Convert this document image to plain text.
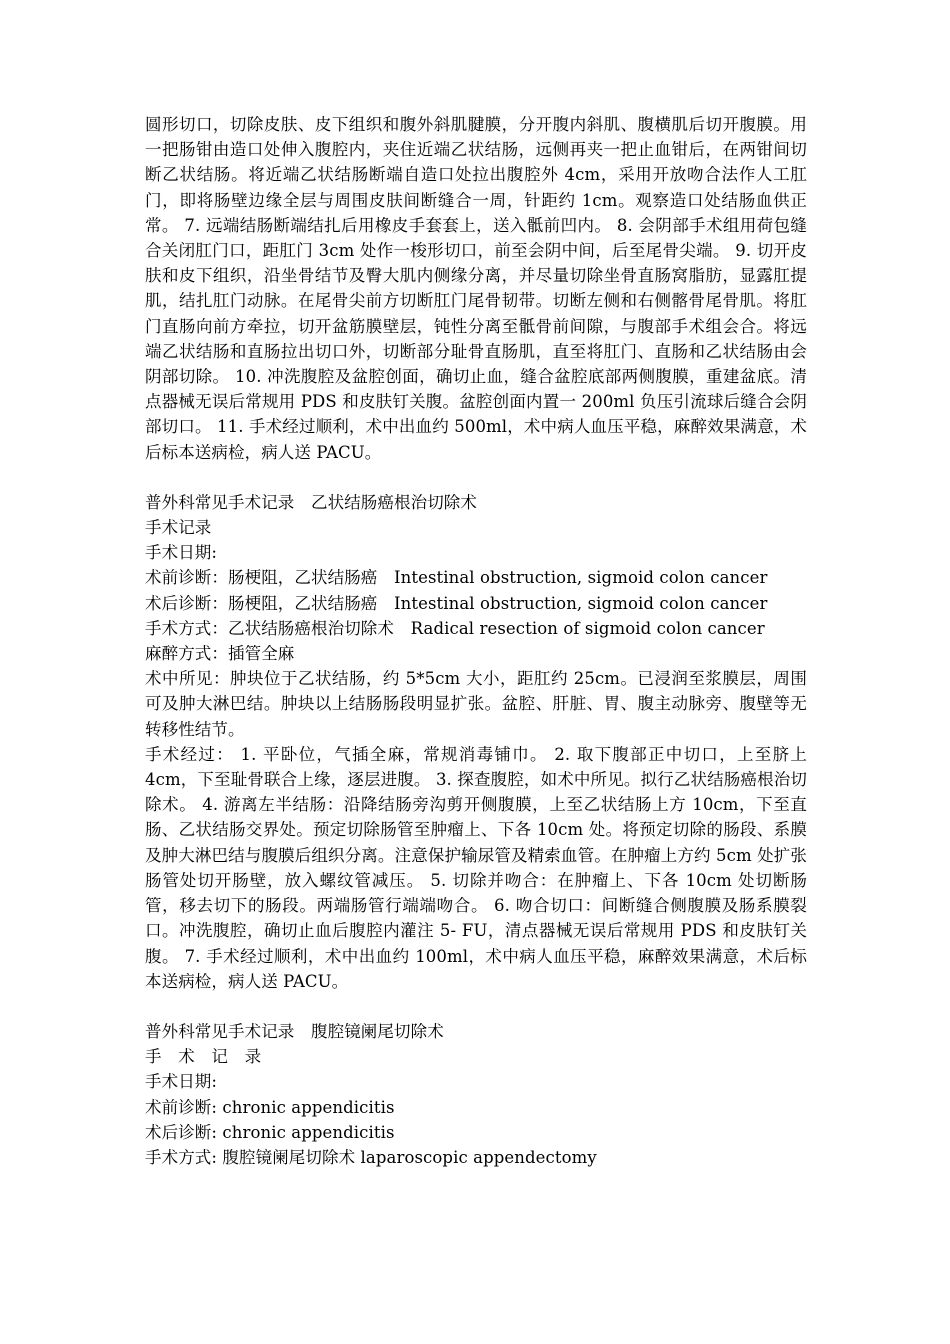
圆形切口，切除皮肤、皮下组织和腹外斜肌腱膜，分开腹内斜肌、腹横肌后切开腹膜。用一把肠钳由造口处伸入腹腔内，夹住近端乙状结肠，远侧再夹一把止血钳后，在两钳间切断乙状结肠。将近端乙状结肠断端自造口处拉出腹腔外 4cm，采用开放吻合法作人工肛门，即将肠壁边缘全层与周围皮肤间断缝合一周，针距约 1cm。观察造口处结肠血供正常。 7. 远端结肠断端结扎后用橡皮手套套上，送入骶前凹内。 8. 会阴部手术组用荷包缝合关闭肛门口，距肛门 3cm 处作一梭形切口，前至会阴中间，后至尾骨尖端。 9. 切开皮肤和皮下组织，沿坐骨结节及臀大肌内侧缘分离，并尽量切除坐骨直肠窝脂肪，显露肛提肌，结扎肛门动脉。在尾骨尖前方切断肛门尾骨韧带。切断左侧和右侧髂骨尾骨肌。将肛门直肠向前方牵拉，切开盆筋膜壁层，钝性分离至骶骨前间隙，与腹部手术组会合。将远端乙状结肠和直肠拉出切口外，切断部分耻骨直肠肌，直至将肛门、直肠和乙状结肠由会阴部切除。 10. 冲洗腹腔及盆腔创面，确切止血，缝合盆腔底部两侧腹膜，重建盆底。清点器械无误后常规用 PDS 和皮肤钉关腹。盆腔创面内置一 200ml 负压引流球后缝合会阴部切口。 11. 手术经过顺利，术中出血约 500ml，术中病人血压平稳，麻醉效果满意，术后标本送病检，病人送 PACU。

普外科常见手术记录　乙状结肠癌根治切除术

手术记录

手术日期:

术前诊断：肠梗阻，乙状结肠癌　Intestinal obstruction, sigmoid colon cancer

术后诊断：肠梗阻，乙状结肠癌　Intestinal obstruction, sigmoid colon cancer

手术方式：乙状结肠癌根治切除术　Radical resection of sigmoid colon cancer

麻醉方式：插管全麻

术中所见：肿块位于乙状结肠，约 5*5cm 大小，距肛约 25cm。已浸润至浆膜层，周围可及肿大淋巴结。肿块以上结肠肠段明显扩张。盆腔、肝脏、胃、腹主动脉旁、腹壁等无转移性结节。

手术经过： 1. 平卧位，气插全麻，常规消毒铺巾。 2. 取下腹部正中切口，上至脐上 4cm，下至耻骨联合上缘，逐层进腹。 3. 探查腹腔，如术中所见。拟行乙状结肠癌根治切除术。 4. 游离左半结肠：沿降结肠旁沟剪开侧腹膜，上至乙状结肠上方 10cm，下至直肠、乙状结肠交界处。预定切除肠管至肿瘤上、下各 10cm 处。将预定切除的肠段、系膜及肿大淋巴结与腹膜后组织分离。注意保护输尿管及精索血管。在肿瘤上方约 5cm 处扩张肠管处切开肠壁，放入螺纹管减压。 5. 切除并吻合：在肿瘤上、下各 10cm 处切断肠管，移去切下的肠段。两端肠管行端端吻合。 6. 吻合切口：间断缝合侧腹膜及肠系膜裂口。冲洗腹腔，确切止血后腹腔内灌注 5- FU，清点器械无误后常规用 PDS 和皮肤钉关腹。 7. 手术经过顺利，术中出血约 100ml，术中病人血压平稳，麻醉效果满意，术后标本送病检，病人送 PACU。

普外科常见手术记录　腹腔镜阑尾切除术

手　术　记　录

手术日期:

术前诊断: chronic appendicitis

术后诊断: chronic appendicitis

手术方式: 腹腔镜阑尾切除术 laparoscopic appendectomy
